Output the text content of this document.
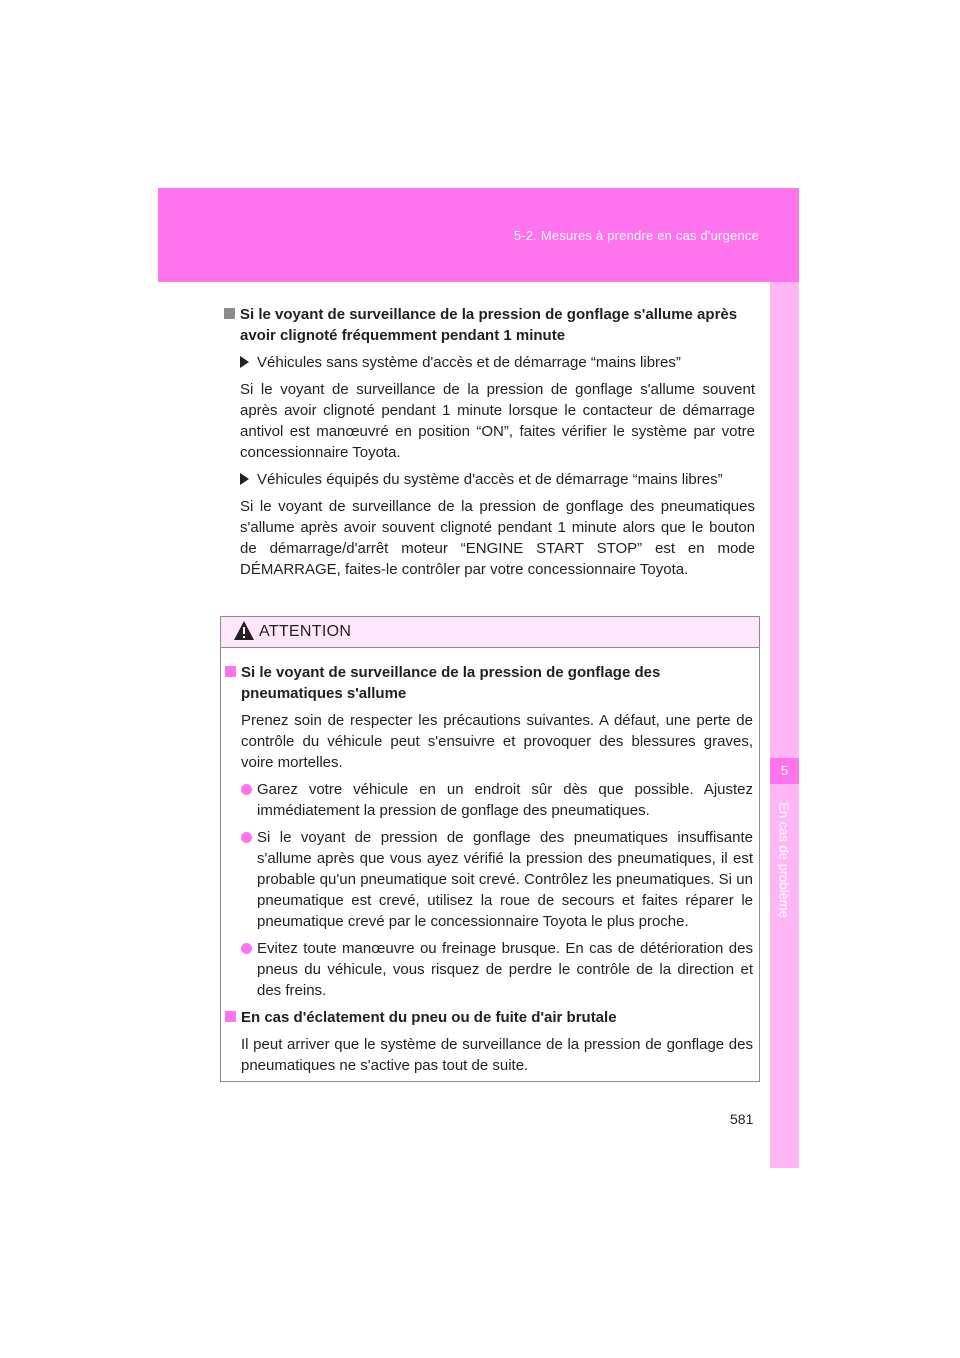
5-2. Mesures à prendre en cas d'urgence
5
En cas de problème
Si le voyant de surveillance de la pression de gonflage s'allume après avoir clignoté fréquemment pendant 1 minute
Véhicules sans système d'accès et de démarrage “mains libres”

Si le voyant de surveillance de la pression de gonflage s'allume souvent après avoir clignoté pendant 1 minute lorsque le contacteur de démarrage antivol est manœuvré en position “ON”, faites vérifier le système par votre concessionnaire Toyota.

Véhicules équipés du système d'accès et de démarrage “mains libres”

Si le voyant de surveillance de la pression de gonflage des pneumatiques s'allume après avoir souvent clignoté pendant 1 minute alors que le bouton de démarrage/d'arrêt moteur “ENGINE START STOP” est en mode DÉMARRAGE, faites-le contrôler par votre concessionnaire Toyota.

ATTENTION
Si le voyant de surveillance de la pression de gonflage des pneumatiques s'allume

Prenez soin de respecter les précautions suivantes. A défaut, une perte de contrôle du véhicule peut s'ensuivre et provoquer des blessures graves, voire mortelles.

Garez votre véhicule en un endroit sûr dès que possible. Ajustez immédiatement la pression de gonflage des pneumatiques.

Si le voyant de pression de gonflage des pneumatiques insuffisante s'allume après que vous ayez vérifié la pression des pneumatiques, il est probable qu'un pneumatique soit crevé. Contrôlez les pneumatiques. Si un pneumatique est crevé, utilisez la roue de secours et faites réparer le pneumatique crevé par le concessionnaire Toyota le plus proche.

Evitez toute manœuvre ou freinage brusque. En cas de détérioration des pneus du véhicule, vous risquez de perdre le contrôle de la direction et des freins.

En cas d'éclatement du pneu ou de fuite d'air brutale

Il peut arriver que le système de surveillance de la pression de gonflage des pneumatiques ne s'active pas tout de suite.

581
